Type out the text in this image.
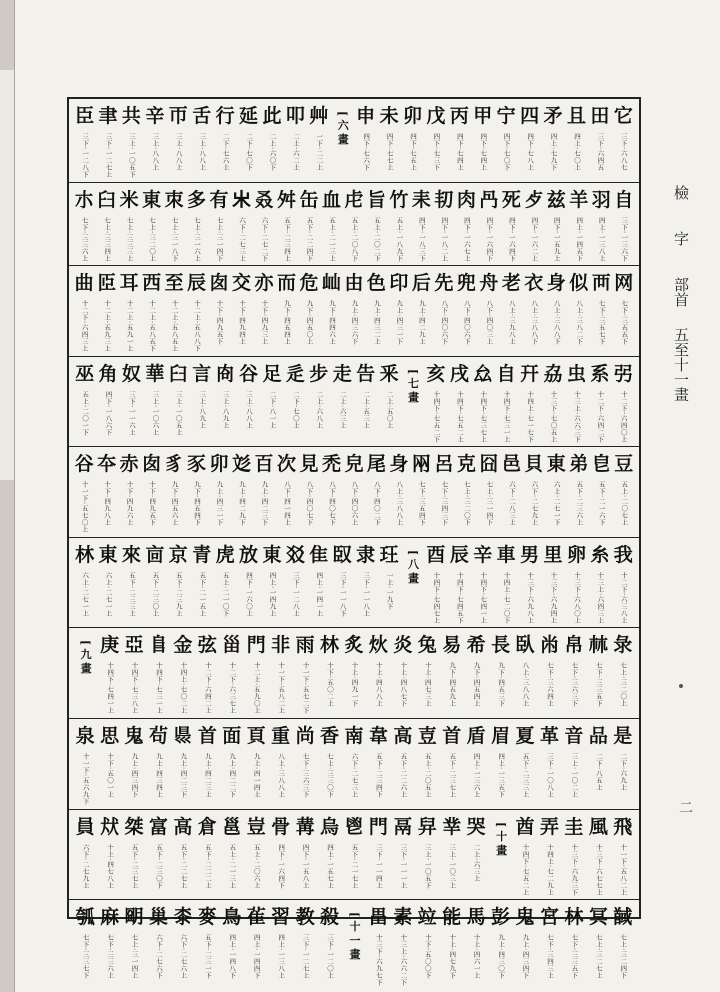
檢 字 部首 五至十一畫
二
它
三下·六八七
田
三下·六四五
且
四上·七〇上
矛
四上·七九下
四
四下·七八上
宁
四下·七〇下
甲
四下·七四上
丙
四下·七四上
戊
四下·七三下
卯
四下·七五上
未
四下·七七上
申
四下·七六下
[六畫
艸
一下·二二上
叩
二上·六二上
此
二上·六〇下
延
二下·七〇下
行
二下·七六上
舌
三上·八八上
帀
三上·八八上
辛
三上·八八上
共
三上·一〇五下
聿
三下·一二七上
臣
三下·一二八下
自
三下·一三六下
羽
四上·一三八上
羊
四上·一四五下
兹
四下·一五九上
歺
四下·一六二上
死
四下·一六四下
冎
四下·一六四下
肉
四下·一六七上
㓞
四下·一八二上
耒
四下·一八三下
竹
五上·一八九下
旨
五上·二〇二下
虍
五上·二〇八下
血
五上·二一三上
缶
五下·二二四下
舛
五下·二三四上
叒
六下·二七二下
𣎵
六下·二七三上
有
七上·三一四下
多
七上·三一六上
朿
七上·三一八下
東
七上·三二〇上
米
七上·三三三上
臼
七上·三三四上
朩
七下·三三六上
网
七下·三五五下
襾
七下·三五七下
似
八上·三八二下
身
八上·三八八下
衣
八上·三八八下
老
八上·三九八上
舟
八下·四〇三上
兜
八下·四〇六下
先
八下·四〇六下
后
九上·四二九上
印
九上·四三一下
色
九上·四三二上
由
九上·四三六下
屾
九下·四四六上
危
九下·四五〇上
而
九下·四五四上
亦
十下·四九三上
交
十下·四九四上
囱
十下·四九五下
辰
十二上·五八八下
至
十二上·五八五上
西
十二上·五八五下
耳
十二上·五九一上
𦣝
十二上·五九三上
曲
十二下·六四三上
弜
十二下·六四〇上
系
十二下·六四二下
虫
十三上·六六三下
劦
十三下·七〇五上
幵
十四上·七一七下
自
十四下·七三一上
厽
十四下·七三七上
戌
十四下·七五二上
亥
十四下·七五二下
[七畫
釆
二上·五〇上
告
二上·五三上
走
二上·六三上
步
二上·六八上
辵
二下·七〇上
足
二下·八一上
谷
三上·八八上
㕯
三上·八九上
言
三上·八九上
臼
三上·一〇五上
華
三上·一〇六上
奴
三下·一一六上
角
四下·一八六下
巫
五上·二〇一下
豆
五上·二〇七上
皀
五下·二一六下
弟
五下·二三六上
東
六上·二七一下
貝
六下·二七九上
邑
六下·二八三上
囧
七上·三一四下
克
七上·三二〇下
呂
七下·三四三下
㒳
七下·三五四下
身
八上·三八八上
尾
八下·四〇二下
皃
八下·四〇六上
禿
八下·四〇七下
見
八下·四〇七下
次
八下·四一四上
百
九上·四二三下
彣
九上·四二九下
卯
九上·四三一下
豕
九下·四五四下
豸
九下·四五六上
囱
十下·四九五下
赤
十下·四九六上
夲
十下·四九八上
谷
十一下·五七〇上
我
十二下·六三八上
糸
十三上·六四三上
卵
十三下·六八〇上
里
十三下·六九四上
男
十三下·六九八上
車
十四上·七二〇下
辛
十四下·七四一上
辰
十四下·七四五下
酉
十四下·七四七上
[八畫
玨
一上·一九下
隶
三下·一一八上
臤
三下·一一八下
隹
四上·一四一上
㸚
三下·一二八上
東
四上·一四九上
放
四下·一六〇上
虎
五上·二一〇下
青
五下·二一五上
京
五下·二三九上
㐭
五下·二三〇上
來
五下·二三三上
東
六上·二七一上
林
六上·二七一上
彔
七上·三二〇上
𣏟
七下·三三五下
帛
七下·三六三下
㡀
七下·三六四上
臥
八上·三八八上
長
九下·四五三下
希
九下·四五四上
易
九下·四五九上
兔
十上·四七三上
炎
十上·四八七下
炏
十上·四八八上
炙
十上·四九一下
林
十下·五〇二上
雨
十一下·五七二下
非
十一下·五八二上
門
十二上·五九〇上
甾
十二下·六三七上
弦
十二下·六四二上
金
十四上·七〇二上
𨸏
十四下·七三一上
亞
十四下·七三八上
庚
十四下·七四一上
[九畫
是
二下·六九上
品
二下·八五上
音
三上·一〇二上
革
三下·一〇八上
夏
五下·二三三上
眉
四上·一三五下
盾
四上·一三六上
首
五下·二三七上
壴
五上·二〇五上
高
五下·二二六上
韋
五下·二三四下
南
六下·二七三上
香
七上·三三〇下
尚
七下·三六三下
重
八上·三八八上
頁
九上·四一四上
面
九上·四二二下
首
九上·四二三上
𥄉
九上·四二三下
茍
九上·四三四上
鬼
九上·四三四下
思
十下·五〇一上
泉
十一下·五六九下
飛
十一下·五八二上
風
十三下·六七七上
圭
十三下·六九三下
弄
十四上·七二九上
酋
十四下·七五二上
[十畫
哭
二上·六三上
丵
三上·一〇三上
舁
三上·一〇五下
鬲
三下·一一一上
門
三下·一一四上
鬯
五下·二一七上
烏
四上·一五七上
冓
四下·一五八上
骨
四下·一六四下
豈
五上·二〇六上
邕
五上·二一三上
倉
五下·二二二上
高
五下·二二七上
富
五下·二三〇下
桀
五下·二三七上
㹜
十上·四七八上
員
六下·二七九上
馘
七上·三二四下
冥
七上·三二七上
林
七下·三三五下
宮
七下·三四三上
鬼
九上·四三四下
彭
九上·四三〇下
馬
十上·四六一上
能
十上·四七九下
竝
十下·五〇〇下
素
十三上·六六二下
畕
十三下·六九七下
[十一畫
殺
三下·一二〇上
教
三下·一二七上
習
四上·一三八上
雈
四上·一四四下
鳥
四上·一四八下
麥
五下·二三一下
桼
六下·二七六上
巢
六下·二七六下
朙
七上·三一四上
麻
七下·三三六上
瓠
七下·三三七下
